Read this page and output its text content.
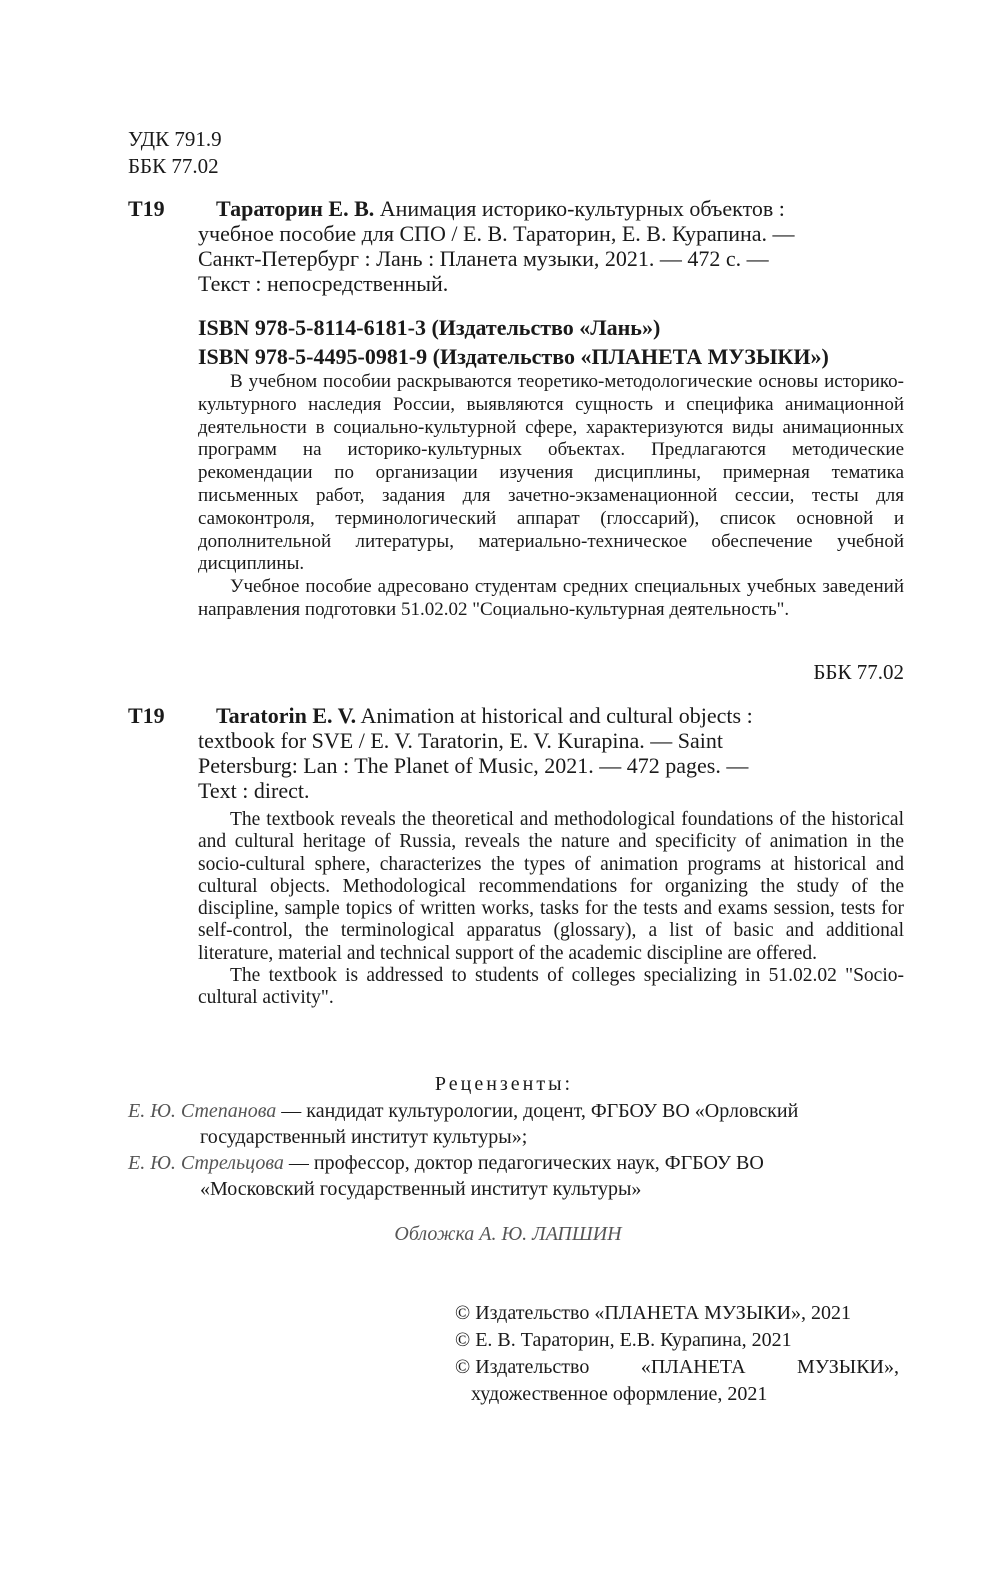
УДК 791.9
ББК 77.02
Т19	Тараторин Е. В. Анимация историко-культурных объектов :
учебное пособие для СПО / Е. В. Тараторин, Е. В. Курапина. —
Санкт-Петербург : Лань : Планета музыки, 2021. — 472 с. —
Текст : непосредственный.
ISBN 978-5-8114-6181-3 (Издательство «Лань»)
ISBN 978-5-4495-0981-9 (Издательство «ПЛАНЕТА МУЗЫКИ»)

В учебном пособии раскрываются теоретико-методологические основы историко-культурного наследия России, выявляются сущность и специфика анимационной деятельности в социально-культурной сфере, характеризуются виды анимационных программ на историко-культурных объектах. Предлагаются методические рекомендации по организации изучения дисциплины, примерная тематика письменных работ, задания для зачетно-экзаменационной сессии, тесты для самоконтроля, терминологический аппарат (глоссарий), список основной и дополнительной литературы, материально-техническое обеспечение учебной дисциплины.

Учебное пособие адресовано студентам средних специальных учебных заведений направления подготовки 51.02.02 "Социально-культурная деятельность".

ББК 77.02
T19	Taratorin E. V. Animation at historical and cultural objects :
textbook for SVE / E. V. Taratorin, E. V. Kurapina. — Saint
Petersburg: Lan : The Planet of Music, 2021. — 472 pages. —
Text : direct.

The textbook reveals the theoretical and methodological foundations of the historical and cultural heritage of Russia, reveals the nature and specificity of animation in the socio-cultural sphere, characterizes the types of animation programs at historical and cultural objects. Methodological recommendations for organizing the study of the discipline, sample topics of written works, tasks for the tests and exams session, tests for self-control, the terminological apparatus (glossary), a list of basic and additional literature, material and technical support of the academic discipline are offered.

The textbook is addressed to students of colleges specializing in 51.02.02 "Socio-cultural activity".

Рецензенты:
Е. Ю. Степанова — кандидат культурологии, доцент, ФГБОУ ВО «Орловский
государственный институт культуры»;
Е. Ю. Стрельцова — профессор, доктор педагогических наук, ФГБОУ ВО
«Московский государственный институт культуры»
Обложка А. Ю. ЛАПШИН
© Издательство «ПЛАНЕТА МУЗЫКИ», 2021
© Е. В. Тараторин, Е.В. Курапина, 2021
© Издательство	«ПЛАНЕТА	МУЗЫКИ»,
художественное оформление, 2021
